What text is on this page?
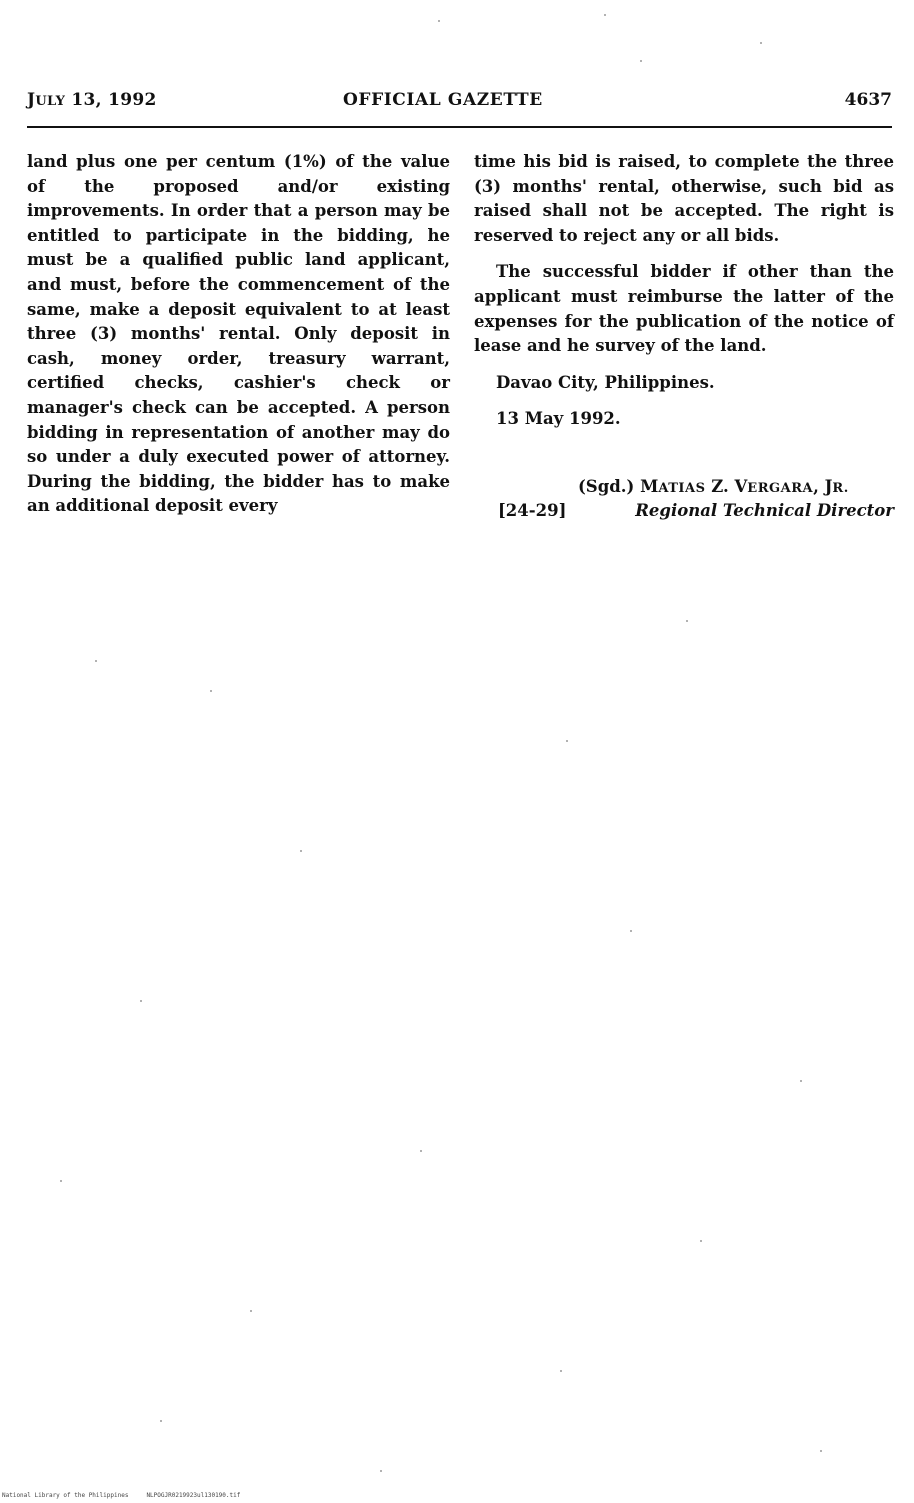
JULY 13, 1992	OFFICIAL GAZETTE	4637

land plus one per centum (1%) of the value of the proposed and/or existing improvements. In order that a person may be entitled to participate in the bidding, he must be a qualified public land applicant, and must, before the commencement of the same, make a deposit equivalent to at least three (3) months' rental. Only deposit in cash, money order, treasury warrant, certified checks, cashier's check or manager's check can be accepted. A person bidding in representation of another may do so under a duly executed power of attorney. During the bidding, the bidder has to make an additional deposit every

time his bid is raised, to complete the three (3) months' rental, otherwise, such bid as raised shall not be accepted. The right is reserved to reject any or all bids.

The successful bidder if other than the applicant must reimburse the latter of the expenses for the publication of the notice of lease and he survey of the land.

Davao City, Philippines.

13 May 1992.

(Sgd.) MATIAS Z. VERGARA, JR.
[24-29]	Regional Technical Director
National Library of the Philippines	NLPOGJR0219923ul130190.tif
